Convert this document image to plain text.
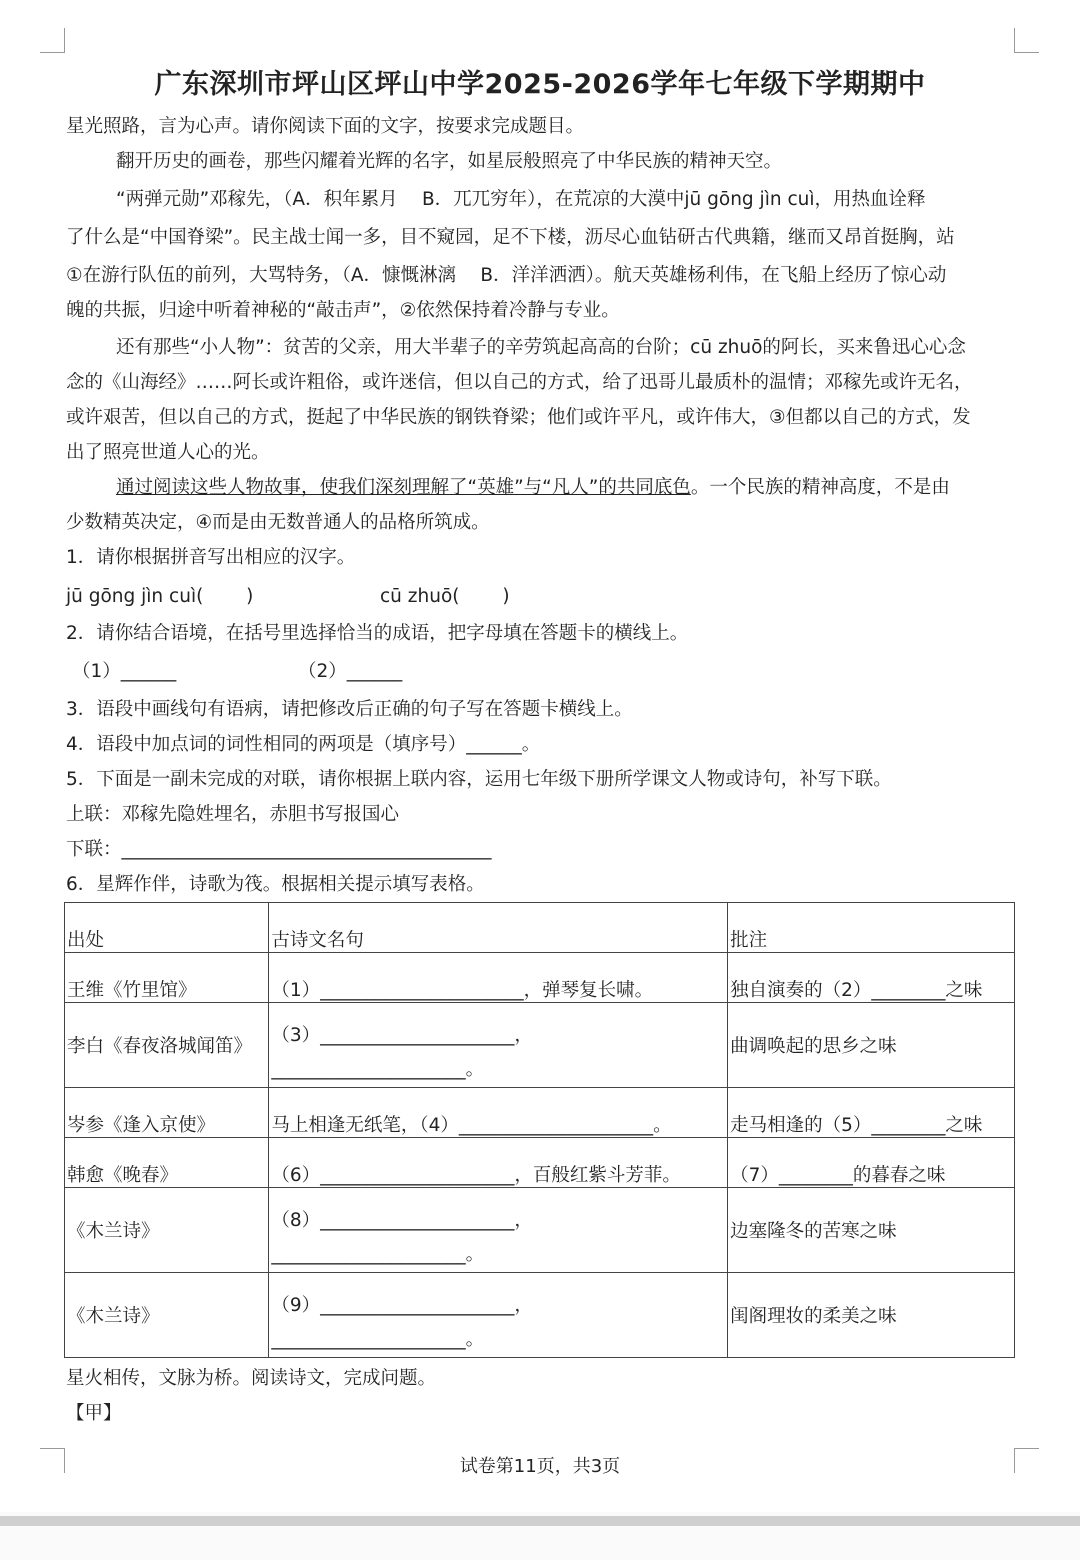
广东深圳市坪山区坪山中学2025-2026学年七年级下学期期中
星光照路，言为心声。请你阅读下面的文字，按要求完成题目。
翻开历史的画卷，那些闪耀着光辉的名字，如星辰般照亮了中华民族的精神天空。
“两弹元勋”邓稼先，（A．积年累月　 B．兀兀穷年），在荒凉的大漠中jū gōng jìn cuì，用热血诠释
了什么是“中国脊梁”。民主战士闻一多，目不窥园，足不下楼，沥尽心血钻研古代典籍，继而又昂首挺胸，站
①在游行队伍的前列，大骂特务，（A．慷慨淋漓　 B．洋洋洒洒）。航天英雄杨利伟，在飞船上经历了惊心动
魄的共振，归途中听着神秘的“敲击声”，②依然保持着冷静与专业。
还有那些“小人物”：贫苦的父亲，用大半辈子的辛劳筑起高高的台阶；cū zhuō的阿长，买来鲁迅心心念
念的《山海经》……阿长或许粗俗，或许迷信，但以自己的方式，给了迅哥儿最质朴的温情；邓稼先或许无名，
或许艰苦，但以自己的方式，挺起了中华民族的钢铁脊梁；他们或许平凡，或许伟大，③但都以自己的方式，发
出了照亮世道人心的光。
通过阅读这些人物故事，使我们深刻理解了“英雄”与“凡人”的共同底色。一个民族的精神高度，不是由
少数精英决定，④而是由无数普通人的品格所筑成。
1．请你根据拼音写出相应的汉字。
jū gōng jìn cuì(　　 )	cū zhuō(　　 )
2．请你结合语境，在括号里选择恰当的成语，把字母填在答题卡的横线上。
（1）______	（2）______
3．语段中画线句有语病，请把修改后正确的句子写在答题卡横线上。
4．语段中加点词的词性相同的两项是（填序号）______。
5．下面是一副未完成的对联，请你根据上联内容，运用七年级下册所学课文人物或诗句，补写下联。
上联：邓稼先隐姓埋名，赤胆书写报国心
下联：________________________________________
6．星辉作伴，诗歌为筏。根据相关提示填写表格。
出处	古诗文名句	批注
王维《竹里馆》	（1）______________________，弹琴复长啸。	独自演奏的（2）________之味
李白《春夜洛城闻笛》	（3）_____________________，
_____________________。	曲调唤起的思乡之味
岑参《逢入京使》	马上相逢无纸笔，（4）_____________________。	走马相逢的（5）________之味
韩愈《晚春》	（6）_____________________，百般红紫斗芳菲。	（7）________的暮春之味
《木兰诗》	（8）_____________________，
_____________________。	边塞隆冬的苦寒之味
《木兰诗》	（9）_____________________，
_____________________。	闺阁理妆的柔美之味
星火相传，文脉为桥。阅读诗文，完成问题。
【甲】
试卷第11页，共3页
